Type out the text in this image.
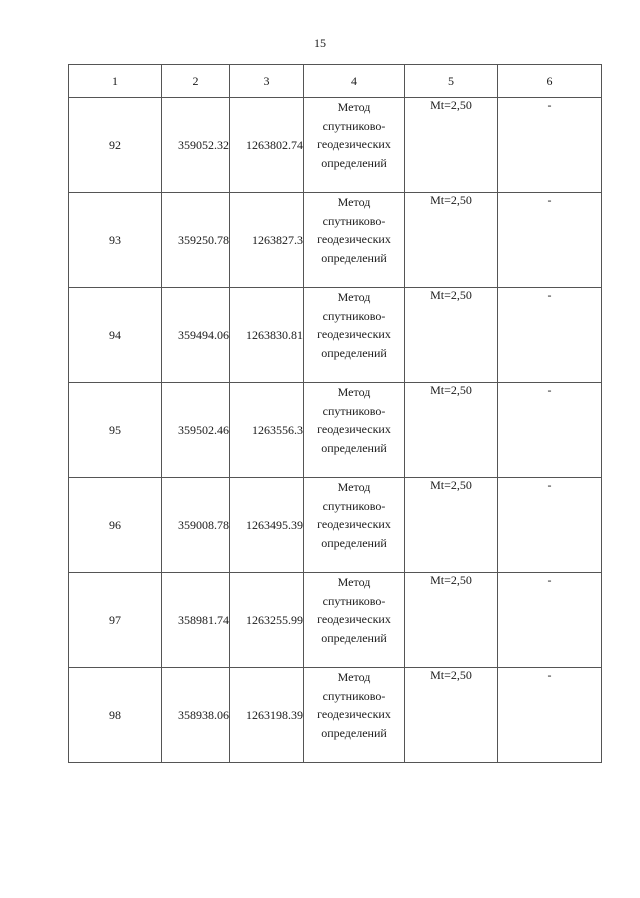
15
1	2	3	4	5	6
92	359052.32	1263802.74	Метод
спутниково-
геодезических
определений	Mt=2,50	-
93	359250.78	1263827.3	Метод
спутниково-
геодезических
определений	Mt=2,50	-
94	359494.06	1263830.81	Метод
спутниково-
геодезических
определений	Mt=2,50	-
95	359502.46	1263556.3	Метод
спутниково-
геодезических
определений	Mt=2,50	-
96	359008.78	1263495.39	Метод
спутниково-
геодезических
определений	Mt=2,50	-
97	358981.74	1263255.99	Метод
спутниково-
геодезических
определений	Mt=2,50	-
98	358938.06	1263198.39	Метод
спутниково-
геодезических
определений	Mt=2,50	-
